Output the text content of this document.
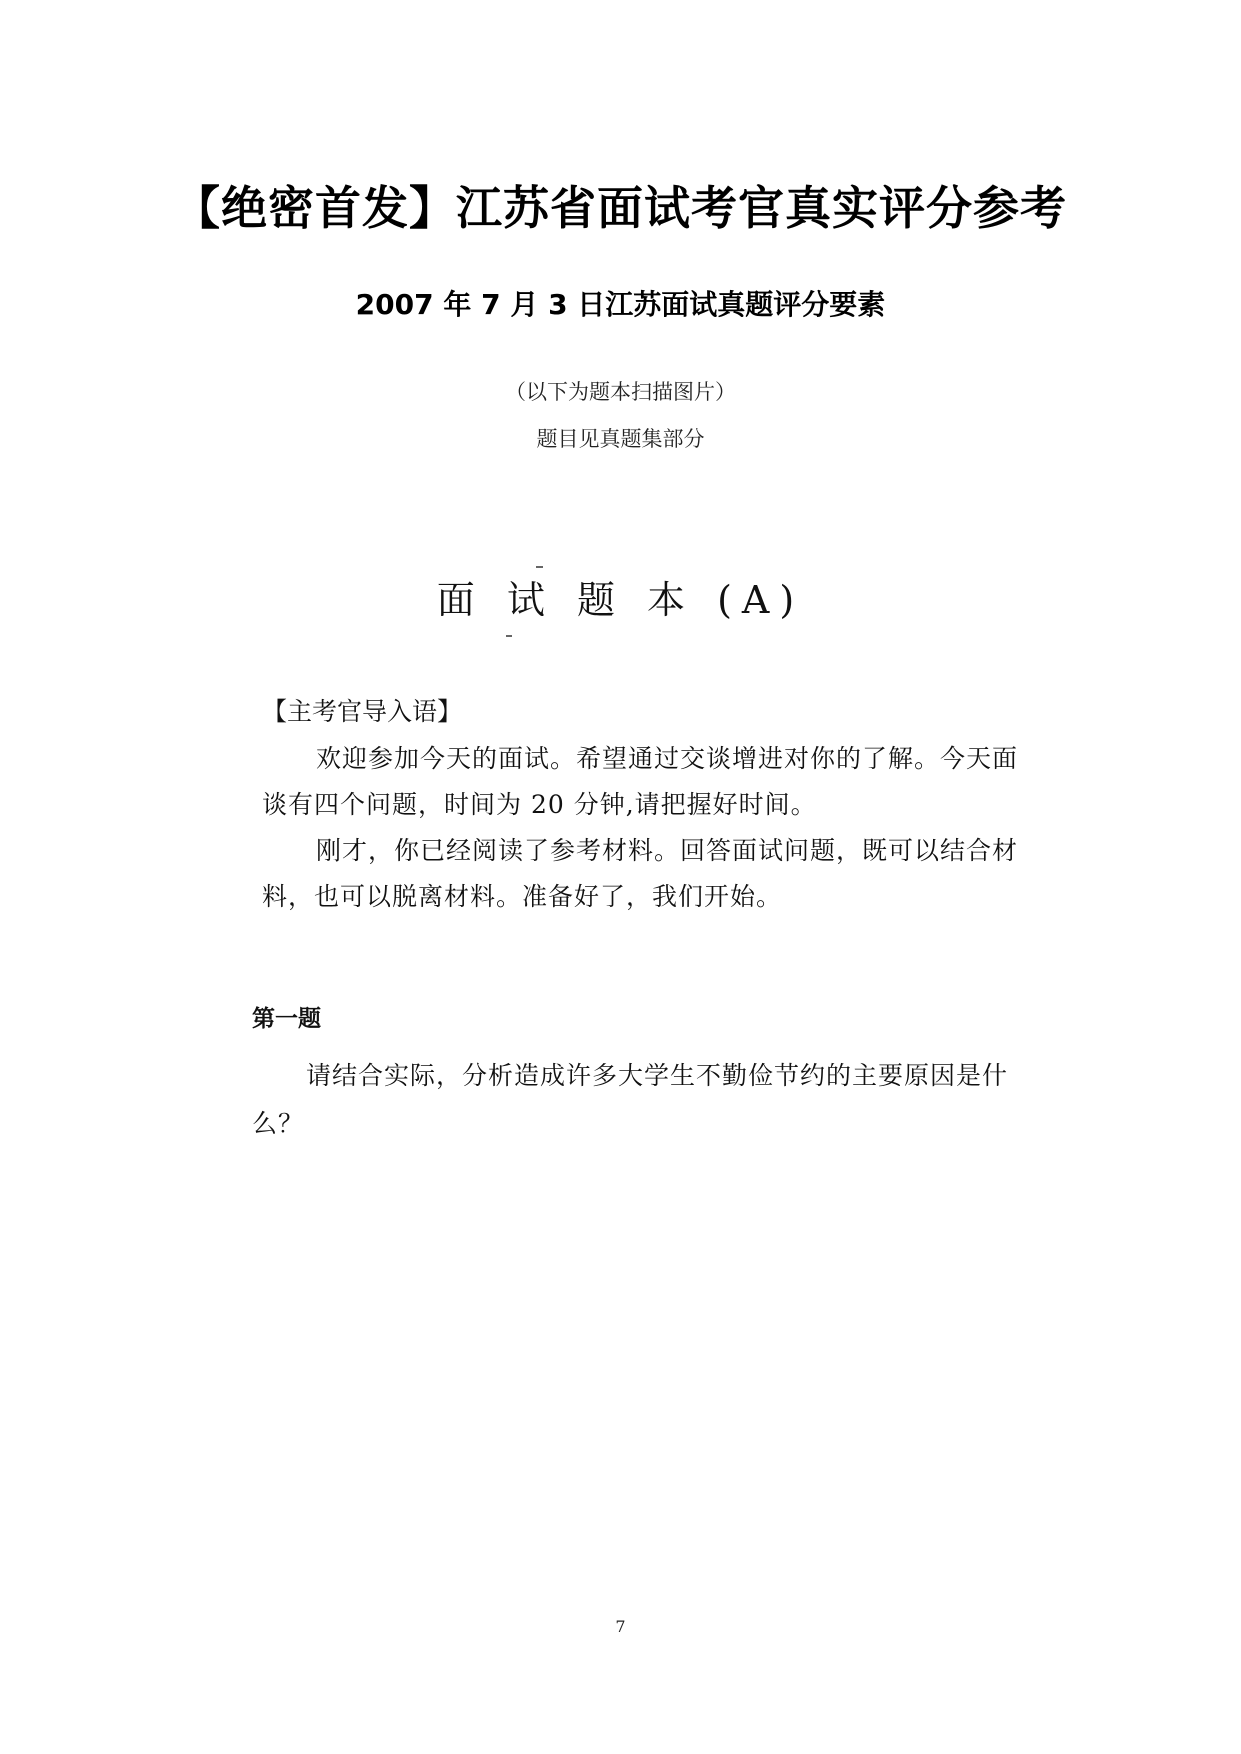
【绝密首发】江苏省面试考官真实评分参考
2007 年 7 月 3 日江苏面试真题评分要素
（以下为题本扫描图片）
题目见真题集部分
面 试 题 本 (A)
【主考官导入语】
欢迎参加今天的面试。希望通过交谈增进对你的了解。今天面谈有四个问题，时间为 20 分钟,请把握好时间。
刚才，你已经阅读了参考材料。回答面试问题，既可以结合材料，也可以脱离材料。准备好了，我们开始。
第一题
请结合实际，分析造成许多大学生不勤俭节约的主要原因是什么？
7
